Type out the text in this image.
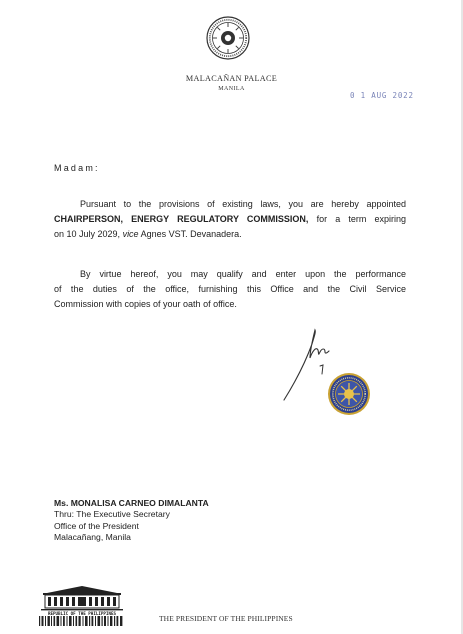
MALACAÑAN PALACE
MANILA
0 1 AUG 2022
Madam:

Pursuant to the provisions of existing laws, you are hereby appointed

CHAIRPERSON, ENERGY REGULATORY COMMISSION, for a term expiring

on 10 July 2029, vice Agnes VST. Devanadera.

By virtue hereof, you may qualify and enter upon the performance

of the duties of the office, furnishing this Office and the Civil Service

Commission with copies of your oath of office.

Ms. MONALISA CARNEO DIMALANTA
Thru: The Executive Secretary
Office of the President
Malacañang, Manila
REPUBLIC OF THE PHILIPPINES
THE PRESIDENT OF THE PHILIPPINES
